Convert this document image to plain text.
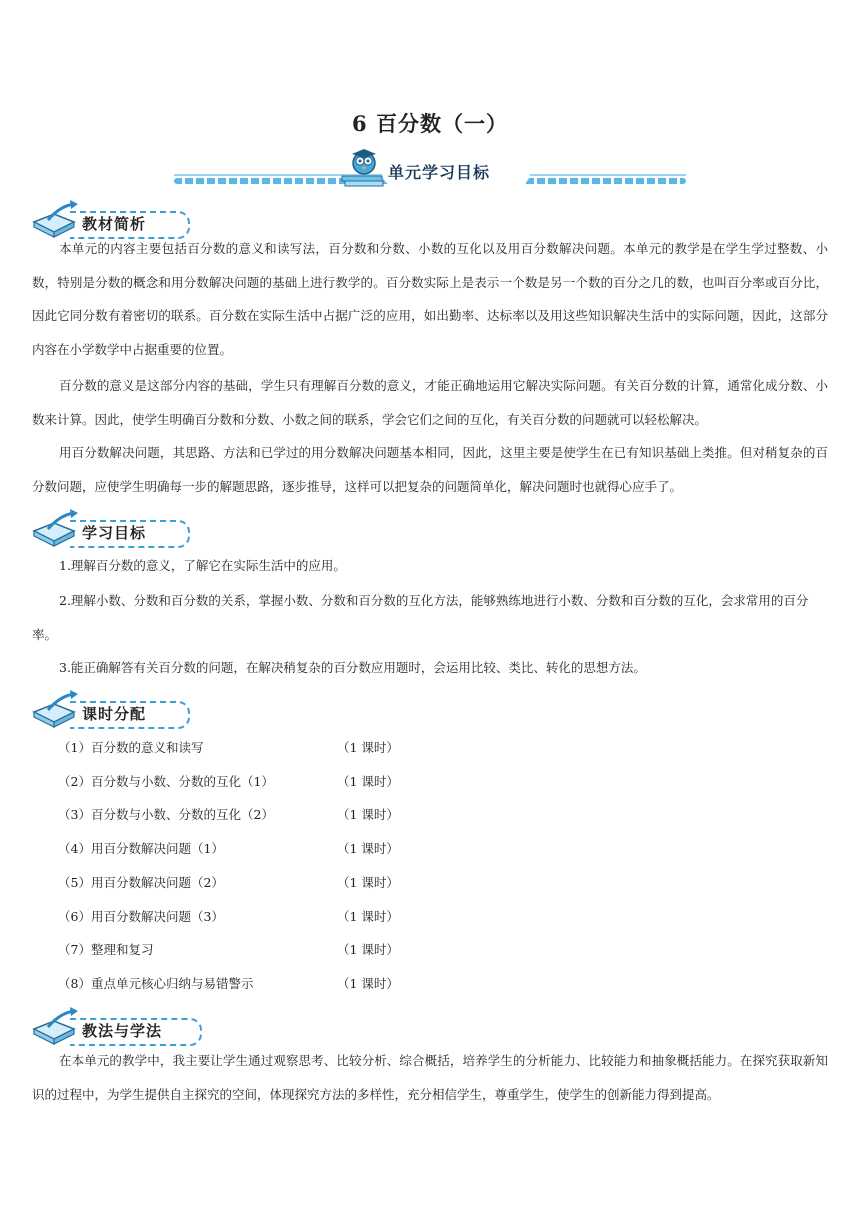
6 百分数（一）
单元学习目标
教材简析
本单元的内容主要包括百分数的意义和读写法，百分数和分数、小数的互化以及用百分数解决问题。本单元的教学是在学生学过整数、小数，特别是分数的概念和用分数解决问题的基础上进行教学的。百分数实际上是表示一个数是另一个数的百分之几的数，也叫百分率或百分比，因此它同分数有着密切的联系。百分数在实际生活中占据广泛的应用，如出勤率、达标率以及用这些知识解决生活中的实际问题，因此，这部分内容在小学数学中占据重要的位置。
百分数的意义是这部分内容的基础，学生只有理解百分数的意义，才能正确地运用它解决实际问题。有关百分数的计算，通常化成分数、小数来计算。因此，使学生明确百分数和分数、小数之间的联系，学会它们之间的互化，有关百分数的问题就可以轻松解决。
用百分数解决问题，其思路、方法和已学过的用分数解决问题基本相同，因此，这里主要是使学生在已有知识基础上类推。但对稍复杂的百分数问题，应使学生明确每一步的解题思路，逐步推导，这样可以把复杂的问题简单化，解决问题时也就得心应手了。
学习目标
1.理解百分数的意义，了解它在实际生活中的应用。
2.理解小数、分数和百分数的关系，掌握小数、分数和百分数的互化方法，能够熟练地进行小数、分数和百分数的互化，会求常用的百分率。
3.能正确解答有关百分数的问题，在解决稍复杂的百分数应用题时，会运用比较、类比、转化的思想方法。
课时分配
（1）百分数的意义和读写	（1 课时）
（2）百分数与小数、分数的互化（1）	（1 课时）
（3）百分数与小数、分数的互化（2）	（1 课时）
（4）用百分数解决问题（1）	（1 课时）
（5）用百分数解决问题（2）	（1 课时）
（6）用百分数解决问题（3）	（1 课时）
（7）整理和复习	（1 课时）
（8）重点单元核心归纳与易错警示	（1 课时）
教法与学法
在本单元的教学中，我主要让学生通过观察思考、比较分析、综合概括，培养学生的分析能力、比较能力和抽象概括能力。在探究获取新知识的过程中，为学生提供自主探究的空间，体现探究方法的多样性，充分相信学生，尊重学生，使学生的创新能力得到提高。
